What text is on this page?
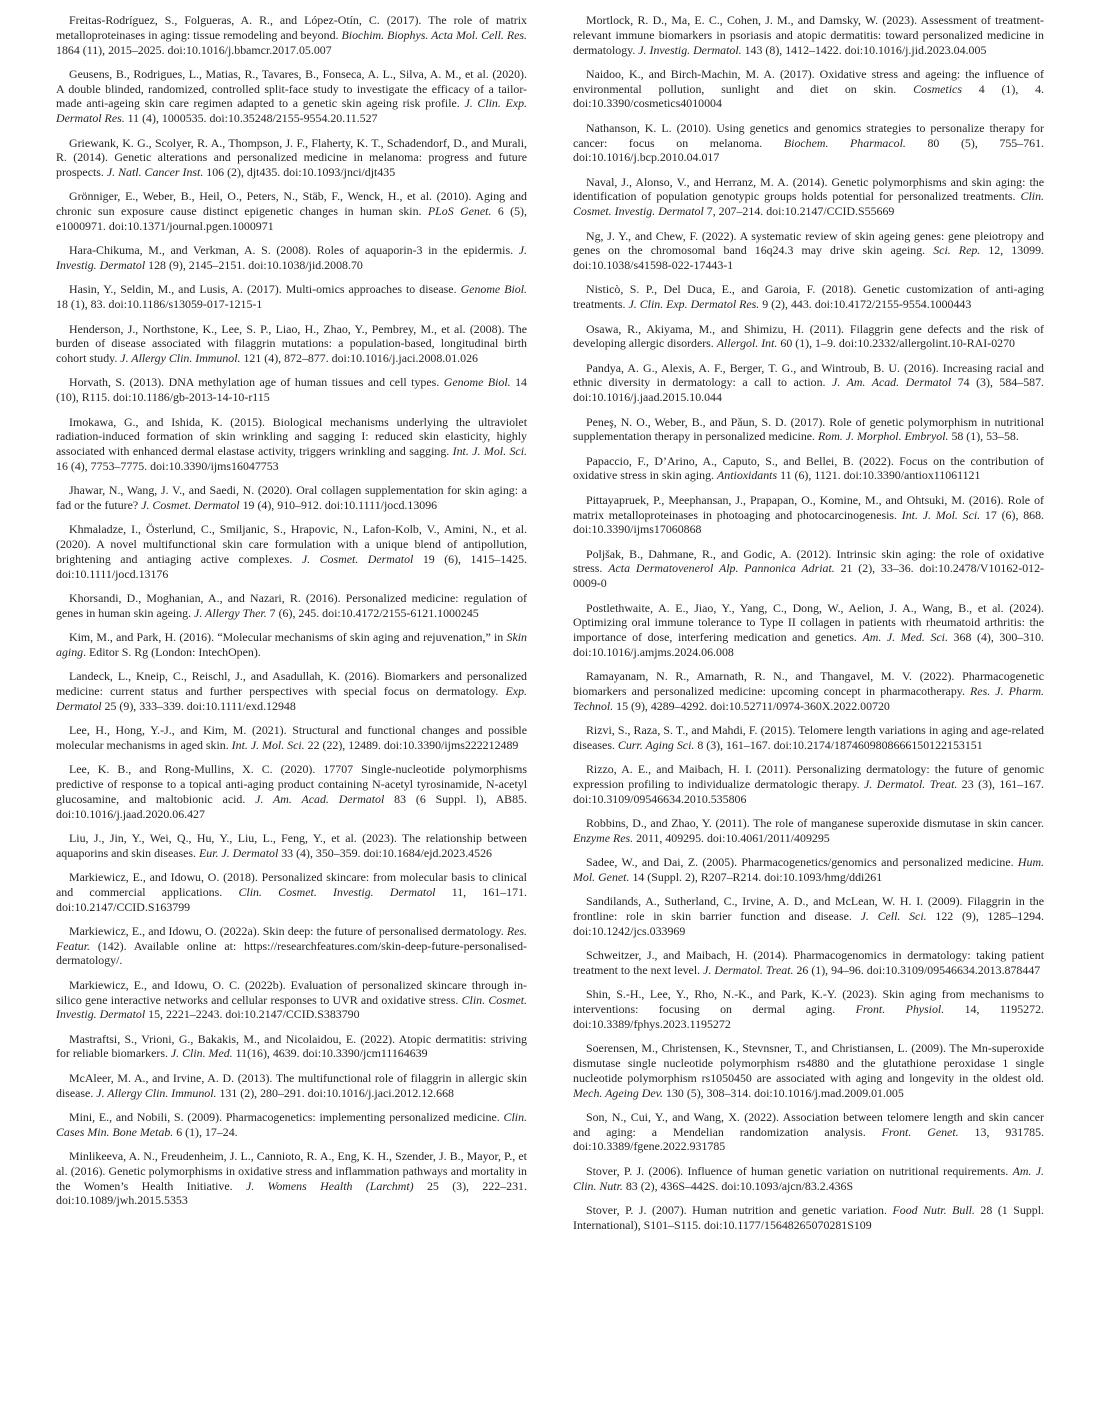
Freitas-Rodríguez, S., Folgueras, A. R., and López-Otín, C. (2017). The role of matrix metalloproteinases in aging: tissue remodeling and beyond. Biochim. Biophys. Acta Mol. Cell. Res. 1864 (11), 2015–2025. doi:10.1016/j.bbamcr.2017.05.007

Geusens, B., Rodrigues, L., Matias, R., Tavares, B., Fonseca, A. L., Silva, A. M., et al. (2020). A double blinded, randomized, controlled split-face study to investigate the efficacy of a tailor-made anti-ageing skin care regimen adapted to a genetic skin ageing risk profile. J. Clin. Exp. Dermatol Res. 11 (4), 1000535. doi:10.35248/2155-9554.20.11.527

Griewank, K. G., Scolyer, R. A., Thompson, J. F., Flaherty, K. T., Schadendorf, D., and Murali, R. (2014). Genetic alterations and personalized medicine in melanoma: progress and future prospects. J. Natl. Cancer Inst. 106 (2), djt435. doi:10.1093/jnci/djt435

Grönniger, E., Weber, B., Heil, O., Peters, N., Stäb, F., Wenck, H., et al. (2010). Aging and chronic sun exposure cause distinct epigenetic changes in human skin. PLoS Genet. 6 (5), e1000971. doi:10.1371/journal.pgen.1000971

Hara-Chikuma, M., and Verkman, A. S. (2008). Roles of aquaporin-3 in the epidermis. J. Investig. Dermatol 128 (9), 2145–2151. doi:10.1038/jid.2008.70

Hasin, Y., Seldin, M., and Lusis, A. (2017). Multi-omics approaches to disease. Genome Biol. 18 (1), 83. doi:10.1186/s13059-017-1215-1

Henderson, J., Northstone, K., Lee, S. P., Liao, H., Zhao, Y., Pembrey, M., et al. (2008). The burden of disease associated with filaggrin mutations: a population-based, longitudinal birth cohort study. J. Allergy Clin. Immunol. 121 (4), 872–877. doi:10.1016/j.jaci.2008.01.026

Horvath, S. (2013). DNA methylation age of human tissues and cell types. Genome Biol. 14 (10), R115. doi:10.1186/gb-2013-14-10-r115

Imokawa, G., and Ishida, K. (2015). Biological mechanisms underlying the ultraviolet radiation-induced formation of skin wrinkling and sagging I: reduced skin elasticity, highly associated with enhanced dermal elastase activity, triggers wrinkling and sagging. Int. J. Mol. Sci. 16 (4), 7753–7775. doi:10.3390/ijms16047753

Jhawar, N., Wang, J. V., and Saedi, N. (2020). Oral collagen supplementation for skin aging: a fad or the future? J. Cosmet. Dermatol 19 (4), 910–912. doi:10.1111/jocd.13096

Khmaladze, I., Österlund, C., Smiljanic, S., Hrapovic, N., Lafon-Kolb, V., Amini, N., et al. (2020). A novel multifunctional skin care formulation with a unique blend of antipollution, brightening and antiaging active complexes. J. Cosmet. Dermatol 19 (6), 1415–1425. doi:10.1111/jocd.13176

Khorsandi, D., Moghanian, A., and Nazari, R. (2016). Personalized medicine: regulation of genes in human skin ageing. J. Allergy Ther. 7 (6), 245. doi:10.4172/2155-6121.1000245

Kim, M., and Park, H. (2016). “Molecular mechanisms of skin aging and rejuvenation,” in Skin aging. Editor S. Rg (London: IntechOpen).

Landeck, L., Kneip, C., Reischl, J., and Asadullah, K. (2016). Biomarkers and personalized medicine: current status and further perspectives with special focus on dermatology. Exp. Dermatol 25 (9), 333–339. doi:10.1111/exd.12948

Lee, H., Hong, Y.-J., and Kim, M. (2021). Structural and functional changes and possible molecular mechanisms in aged skin. Int. J. Mol. Sci. 22 (22), 12489. doi:10.3390/ijms222212489

Lee, K. B., and Rong-Mullins, X. C. (2020). 17707 Single-nucleotide polymorphisms predictive of response to a topical anti-aging product containing N-acetyl tyrosinamide, N-acetyl glucosamine, and maltobionic acid. J. Am. Acad. Dermatol 83 (6 Suppl. l), AB85. doi:10.1016/j.jaad.2020.06.427

Liu, J., Jin, Y., Wei, Q., Hu, Y., Liu, L., Feng, Y., et al. (2023). The relationship between aquaporins and skin diseases. Eur. J. Dermatol 33 (4), 350–359. doi:10.1684/ejd.2023.4526

Markiewicz, E., and Idowu, O. (2018). Personalized skincare: from molecular basis to clinical and commercial applications. Clin. Cosmet. Investig. Dermatol 11, 161–171. doi:10.2147/CCID.S163799

Markiewicz, E., and Idowu, O. (2022a). Skin deep: the future of personalised dermatology. Res. Featur. (142). Available online at: https://researchfeatures.com/skin-deep-future-personalised-dermatology/.

Markiewicz, E., and Idowu, O. C. (2022b). Evaluation of personalized skincare through in-silico gene interactive networks and cellular responses to UVR and oxidative stress. Clin. Cosmet. Investig. Dermatol 15, 2221–2243. doi:10.2147/CCID.S383790

Mastraftsi, S., Vrioni, G., Bakakis, M., and Nicolaidou, E. (2022). Atopic dermatitis: striving for reliable biomarkers. J. Clin. Med. 11(16), 4639. doi:10.3390/jcm11164639

McAleer, M. A., and Irvine, A. D. (2013). The multifunctional role of filaggrin in allergic skin disease. J. Allergy Clin. Immunol. 131 (2), 280–291. doi:10.1016/j.jaci.2012.12.668

Mini, E., and Nobili, S. (2009). Pharmacogenetics: implementing personalized medicine. Clin. Cases Min. Bone Metab. 6 (1), 17–24.

Minlikeeva, A. N., Freudenheim, J. L., Cannioto, R. A., Eng, K. H., Szender, J. B., Mayor, P., et al. (2016). Genetic polymorphisms in oxidative stress and inflammation pathways and mortality in the Women’s Health Initiative. J. Womens Health (Larchmt) 25 (3), 222–231. doi:10.1089/jwh.2015.5353

Mortlock, R. D., Ma, E. C., Cohen, J. M., and Damsky, W. (2023). Assessment of treatment-relevant immune biomarkers in psoriasis and atopic dermatitis: toward personalized medicine in dermatology. J. Investig. Dermatol. 143 (8), 1412–1422. doi:10.1016/j.jid.2023.04.005

Naidoo, K., and Birch-Machin, M. A. (2017). Oxidative stress and ageing: the influence of environmental pollution, sunlight and diet on skin. Cosmetics 4 (1), 4. doi:10.3390/cosmetics4010004

Nathanson, K. L. (2010). Using genetics and genomics strategies to personalize therapy for cancer: focus on melanoma. Biochem. Pharmacol. 80 (5), 755–761. doi:10.1016/j.bcp.2010.04.017

Naval, J., Alonso, V., and Herranz, M. A. (2014). Genetic polymorphisms and skin aging: the identification of population genotypic groups holds potential for personalized treatments. Clin. Cosmet. Investig. Dermatol 7, 207–214. doi:10.2147/CCID.S55669

Ng, J. Y., and Chew, F. (2022). A systematic review of skin ageing genes: gene pleiotropy and genes on the chromosomal band 16q24.3 may drive skin ageing. Sci. Rep. 12, 13099. doi:10.1038/s41598-022-17443-1

Nisticò, S. P., Del Duca, E., and Garoia, F. (2018). Genetic customization of anti-aging treatments. J. Clin. Exp. Dermatol Res. 9 (2), 443. doi:10.4172/2155-9554.1000443

Osawa, R., Akiyama, M., and Shimizu, H. (2011). Filaggrin gene defects and the risk of developing allergic disorders. Allergol. Int. 60 (1), 1–9. doi:10.2332/allergolint.10-RAI-0270

Pandya, A. G., Alexis, A. F., Berger, T. G., and Wintroub, B. U. (2016). Increasing racial and ethnic diversity in dermatology: a call to action. J. Am. Acad. Dermatol 74 (3), 584–587. doi:10.1016/j.jaad.2015.10.044

Peneş, N. O., Weber, B., and Păun, S. D. (2017). Role of genetic polymorphism in nutritional supplementation therapy in personalized medicine. Rom. J. Morphol. Embryol. 58 (1), 53–58.

Papaccio, F., D’Arino, A., Caputo, S., and Bellei, B. (2022). Focus on the contribution of oxidative stress in skin aging. Antioxidants 11 (6), 1121. doi:10.3390/antiox11061121

Pittayapruek, P., Meephansan, J., Prapapan, O., Komine, M., and Ohtsuki, M. (2016). Role of matrix metalloproteinases in photoaging and photocarcinogenesis. Int. J. Mol. Sci. 17 (6), 868. doi:10.3390/ijms17060868

Poljšak, B., Dahmane, R., and Godic, A. (2012). Intrinsic skin aging: the role of oxidative stress. Acta Dermatovenerol Alp. Pannonica Adriat. 21 (2), 33–36. doi:10.2478/V10162-012-0009-0

Postlethwaite, A. E., Jiao, Y., Yang, C., Dong, W., Aelion, J. A., Wang, B., et al. (2024). Optimizing oral immune tolerance to Type II collagen in patients with rheumatoid arthritis: the importance of dose, interfering medication and genetics. Am. J. Med. Sci. 368 (4), 300–310. doi:10.1016/j.amjms.2024.06.008

Ramayanam, N. R., Amarnath, R. N., and Thangavel, M. V. (2022). Pharmacogenetic biomarkers and personalized medicine: upcoming concept in pharmacotherapy. Res. J. Pharm. Technol. 15 (9), 4289–4292. doi:10.52711/0974-360X.2022.00720

Rizvi, S., Raza, S. T., and Mahdi, F. (2015). Telomere length variations in aging and age-related diseases. Curr. Aging Sci. 8 (3), 161–167. doi:10.2174/1874609808666150122153151

Rizzo, A. E., and Maibach, H. I. (2011). Personalizing dermatology: the future of genomic expression profiling to individualize dermatologic therapy. J. Dermatol. Treat. 23 (3), 161–167. doi:10.3109/09546634.2010.535806

Robbins, D., and Zhao, Y. (2011). The role of manganese superoxide dismutase in skin cancer. Enzyme Res. 2011, 409295. doi:10.4061/2011/409295

Sadee, W., and Dai, Z. (2005). Pharmacogenetics/genomics and personalized medicine. Hum. Mol. Genet. 14 (Suppl. 2), R207–R214. doi:10.1093/hmg/ddi261

Sandilands, A., Sutherland, C., Irvine, A. D., and McLean, W. H. I. (2009). Filaggrin in the frontline: role in skin barrier function and disease. J. Cell. Sci. 122 (9), 1285–1294. doi:10.1242/jcs.033969

Schweitzer, J., and Maibach, H. (2014). Pharmacogenomics in dermatology: taking patient treatment to the next level. J. Dermatol. Treat. 26 (1), 94–96. doi:10.3109/09546634.2013.878447

Shin, S.-H., Lee, Y., Rho, N.-K., and Park, K.-Y. (2023). Skin aging from mechanisms to interventions: focusing on dermal aging. Front. Physiol. 14, 1195272. doi:10.3389/fphys.2023.1195272

Soerensen, M., Christensen, K., Stevnsner, T., and Christiansen, L. (2009). The Mn-superoxide dismutase single nucleotide polymorphism rs4880 and the glutathione peroxidase 1 single nucleotide polymorphism rs1050450 are associated with aging and longevity in the oldest old. Mech. Ageing Dev. 130 (5), 308–314. doi:10.1016/j.mad.2009.01.005

Son, N., Cui, Y., and Wang, X. (2022). Association between telomere length and skin cancer and aging: a Mendelian randomization analysis. Front. Genet. 13, 931785. doi:10.3389/fgene.2022.931785

Stover, P. J. (2006). Influence of human genetic variation on nutritional requirements. Am. J. Clin. Nutr. 83 (2), 436S–442S. doi:10.1093/ajcn/83.2.436S

Stover, P. J. (2007). Human nutrition and genetic variation. Food Nutr. Bull. 28 (1 Suppl. International), S101–S115. doi:10.1177/15648265070281S109
